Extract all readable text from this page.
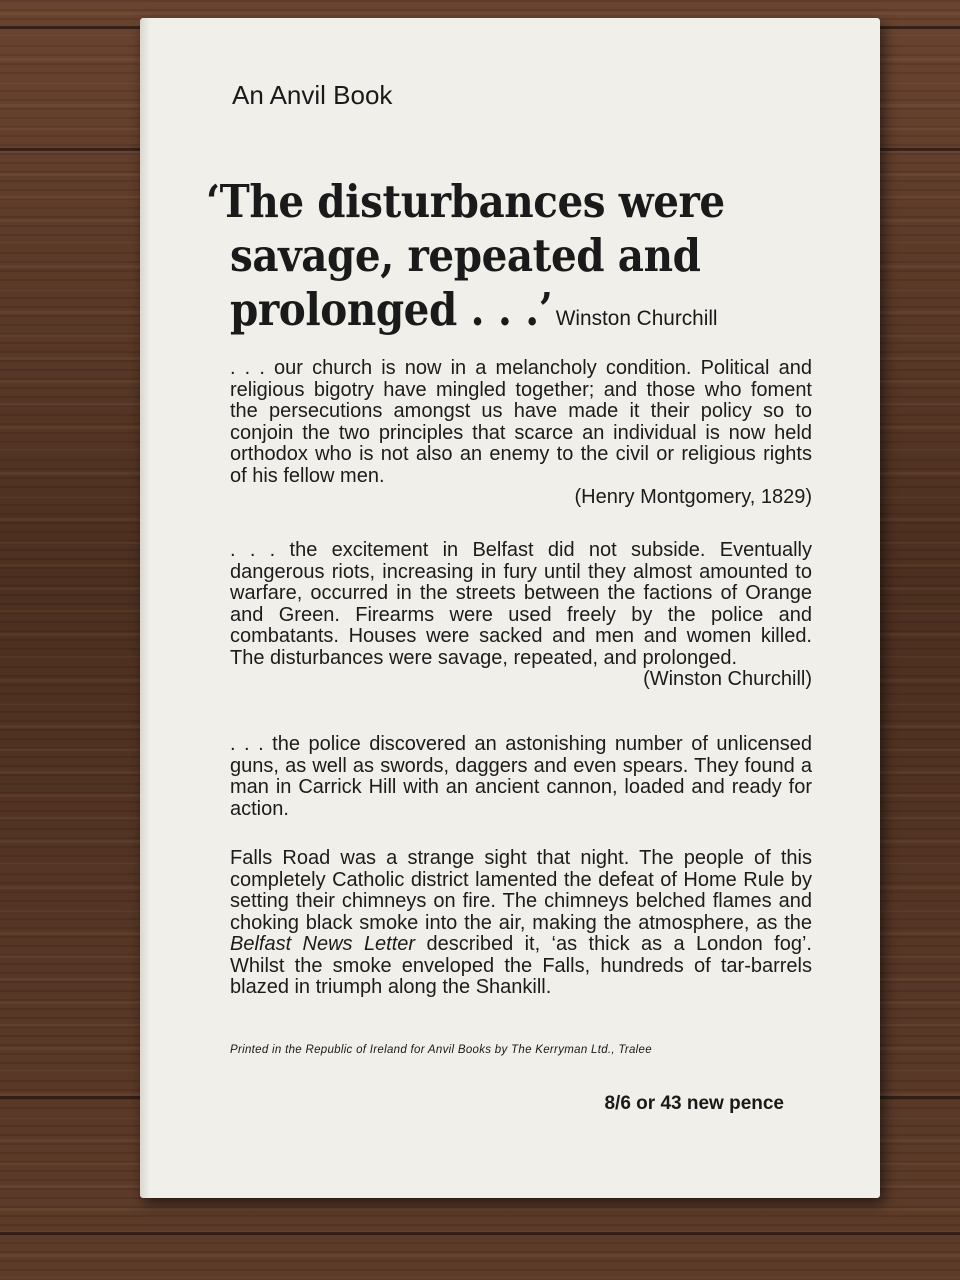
An Anvil Book
‘The disturbances were
savage, repeated and
prolonged . . .’ Winston Churchill
. . . our church is now in a melancholy condition. Political and religious bigotry have mingled together; and those who foment the persecutions amongst us have made it their policy so to conjoin the two principles that scarce an individual is now held orthodox who is not also an enemy to the civil or religious rights of his fellow men.
(Henry Montgomery, 1829)
. . . the excitement in Belfast did not subside. Eventually dangerous riots, increasing in fury until they almost amounted to warfare, occurred in the streets between the factions of Orange and Green. Firearms were used freely by the police and combatants. Houses were sacked and men and women killed. The disturbances were savage, repeated, and prolonged.
(Winston Churchill)
. . . the police discovered an astonishing number of unlicensed guns, as well as swords, daggers and even spears. They found a man in Carrick Hill with an ancient cannon, loaded and ready for action.
Falls Road was a strange sight that night. The people of this completely Catholic district lamented the defeat of Home Rule by setting their chimneys on fire. The chimneys belched flames and choking black smoke into the air, making the atmosphere, as the Belfast News Letter described it, ‘as thick as a London fog’. Whilst the smoke enveloped the Falls, hundreds of tar-barrels blazed in triumph along the Shankill.
Printed in the Republic of Ireland for Anvil Books by The Kerryman Ltd., Tralee
8/6 or 43 new pence
